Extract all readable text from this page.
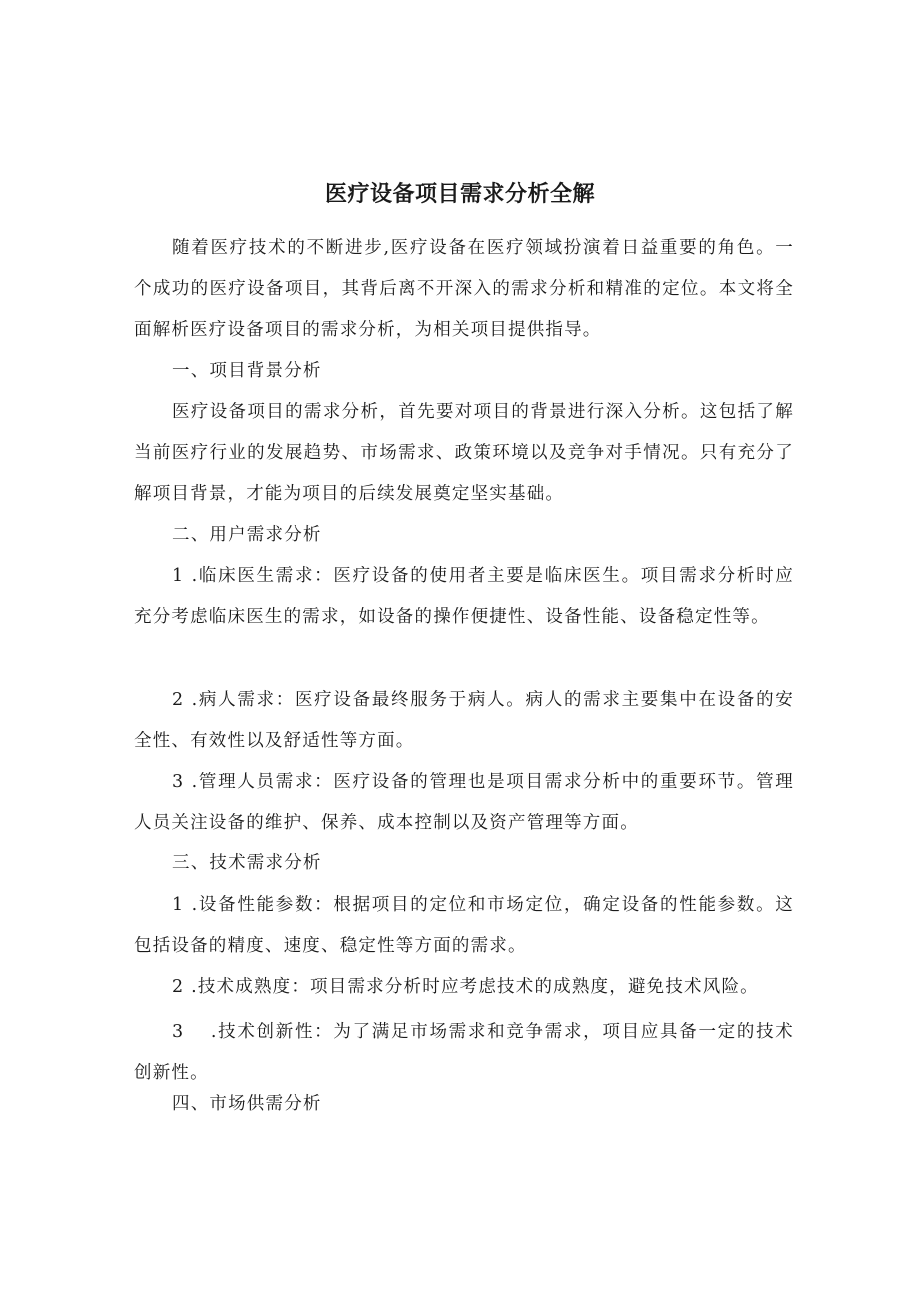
医疗设备项目需求分析全解

随着医疗技术的不断进步,医疗设备在医疗领域扮演着日益重要的角色。一个成功的医疗设备项目，其背后离不开深入的需求分析和精准的定位。本文将全面解析医疗设备项目的需求分析，为相关项目提供指导。

一、项目背景分析

医疗设备项目的需求分析，首先要对项目的背景进行深入分析。这包括了解当前医疗行业的发展趋势、市场需求、政策环境以及竞争对手情况。只有充分了解项目背景，才能为项目的后续发展奠定坚实基础。

二、用户需求分析

1 .临床医生需求：医疗设备的使用者主要是临床医生。项目需求分析时应充分考虑临床医生的需求，如设备的操作便捷性、设备性能、设备稳定性等。

2 .病人需求：医疗设备最终服务于病人。病人的需求主要集中在设备的安全性、有效性以及舒适性等方面。

3 .管理人员需求：医疗设备的管理也是项目需求分析中的重要环节。管理人员关注设备的维护、保养、成本控制以及资产管理等方面。

三、技术需求分析

1 .设备性能参数：根据项目的定位和市场定位，确定设备的性能参数。这包括设备的精度、速度、稳定性等方面的需求。

2 .技术成熟度：项目需求分析时应考虑技术的成熟度，避免技术风险。

3 　.技术创新性：为了满足市场需求和竞争需求，项目应具备一定的技术创新性。

四、市场供需分析
